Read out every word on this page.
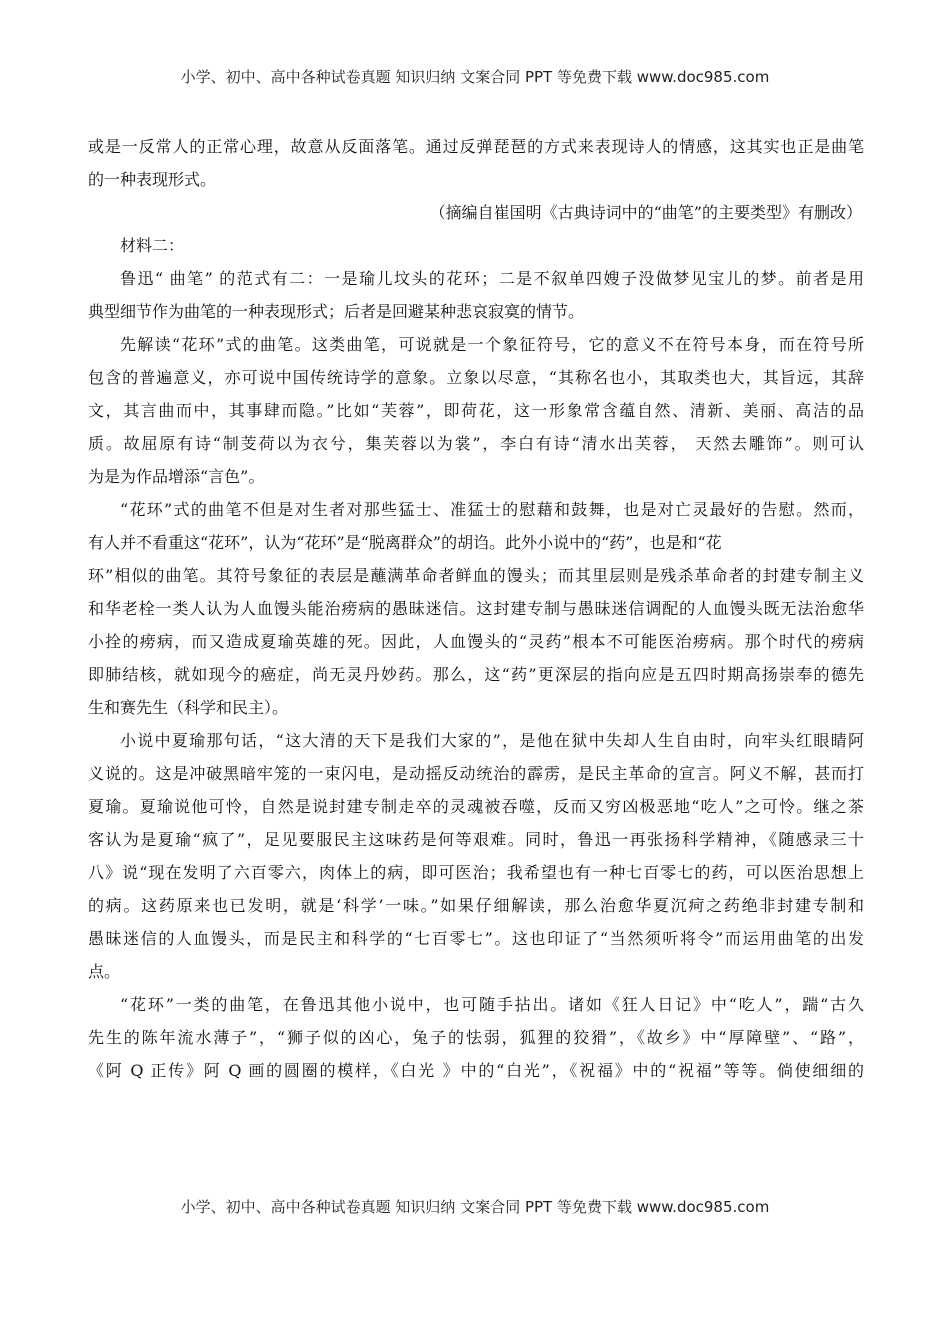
小学、初中、高中各种试卷真题 知识归纳 文案合同 PPT 等免费下载 www.doc985.com
或是一反常人的正常心理，故意从反面落笔。通过反弹琵琶的方式来表现诗人的情感，这其实也正是曲笔
的一种表现形式。
（摘编自崔国明《古典诗词中的“曲笔”的主要类型》有删改）
材料二：
鲁迅“ 曲笔” 的范式有二：一是瑜儿坟头的花环；二是不叙单四嫂子没做梦见宝儿的梦。前者是用
典型细节作为曲笔的一种表现形式；后者是回避某种悲哀寂寞的情节。
先解读“花环”式的曲笔。这类曲笔，可说就是一个象征符号，它的意义不在符号本身，而在符号所
包含的普遍意义，亦可说中国传统诗学的意象。立象以尽意，“其称名也小，其取类也大，其旨远，其辞
文，其言曲而中，其事肆而隐。”比如“芙蓉”，即荷花，这一形象常含蕴自然、清新、美丽、高洁的品
质。故屈原有诗“制芰荷以为衣兮，集芙蓉以为裳”，李白有诗“清水出芙蓉， 天然去雕饰”。则可认
为是为作品增添“言色”。
“花环”式的曲笔不但是对生者对那些猛士、准猛士的慰藉和鼓舞，也是对亡灵最好的告慰。然而，
有人并不看重这“花环”，认为“花环”是“脱离群众”的胡诌。此外小说中的“药”，也是和“花
环”相似的曲笔。其符号象征的表层是蘸满革命者鲜血的馒头；而其里层则是残杀革命者的封建专制主义
和华老栓一类人认为人血馒头能治痨病的愚昧迷信。这封建专制与愚昧迷信调配的人血馒头既无法治愈华
小拴的痨病，而又造成夏瑜英雄的死。因此，人血馒头的“灵药”根本不可能医治痨病。那个时代的痨病
即肺结核，就如现今的癌症，尚无灵丹妙药。那么，这“药”更深层的指向应是五四时期高扬崇奉的德先
生和赛先生（科学和民主）。
小说中夏瑜那句话，“这大清的天下是我们大家的”，是他在狱中失却人生自由时，向牢头红眼睛阿
义说的。这是冲破黑暗牢笼的一束闪电，是动摇反动统治的霹雳，是民主革命的宣言。阿义不解，甚而打
夏瑜。夏瑜说他可怜，自然是说封建专制走卒的灵魂被吞噬，反而又穷凶极恶地“吃人”之可怜。继之茶
客认为是夏瑜“疯了”，足见要服民主这味药是何等艰难。同时，鲁迅一再张扬科学精神，《随感录三十
八》说“现在发明了六百零六，肉体上的病，即可医治；我希望也有一种七百零七的药，可以医治思想上
的病。这药原来也已发明，就是‘科学’一味。”如果仔细解读，那么治愈华夏沉疴之药绝非封建专制和
愚昧迷信的人血馒头，而是民主和科学的“七百零七”。这也印证了“当然须听将令”而运用曲笔的出发
点。
“花环”一类的曲笔，在鲁迅其他小说中，也可随手拈出。诸如《狂人日记》中“吃人”，踹“古久
先生的陈年流水薄子”，“狮子似的凶心，兔子的怯弱，狐狸的狡猾”，《故乡》中“厚障壁”、“路”，
《阿 Q 正传》阿 Q 画的圆圈的模样，《白光 》中的“白光”，《祝福》中的“祝福”等等。倘使细细的
小学、初中、高中各种试卷真题 知识归纳 文案合同 PPT 等免费下载 www.doc985.com
